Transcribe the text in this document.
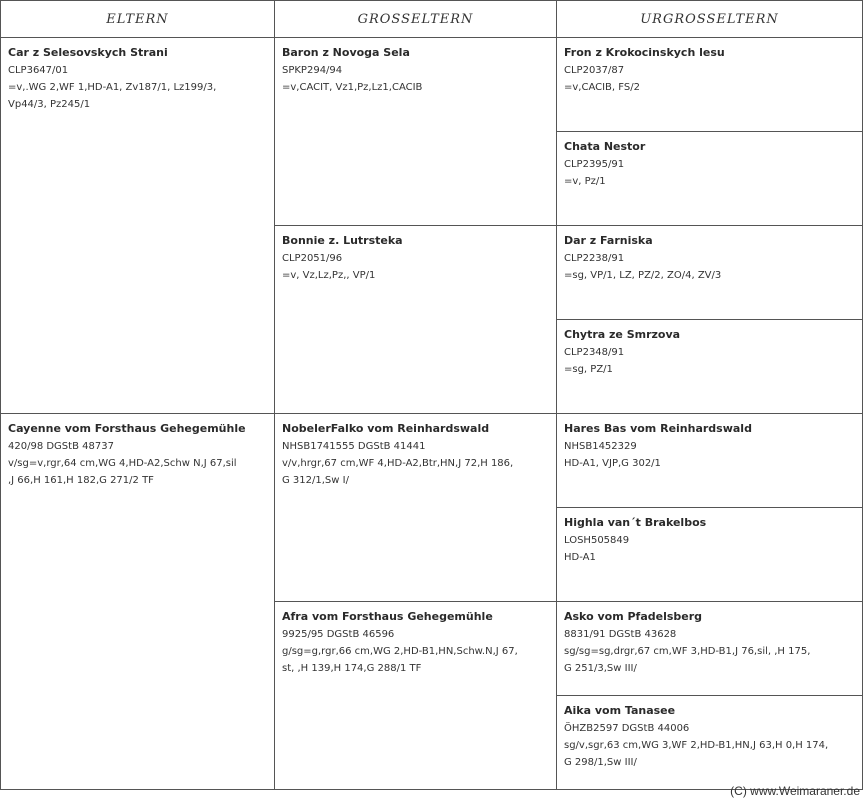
ELTERN	GROSSELTERN	URGROSSELTERN
Car z Selesovskych Strani
CLP3647/01
=v,.WG 2,WF 1,HD-A1, Zv187/1, Lz199/3,
Vp44/3, Pz245/1
Cayenne vom Forsthaus Gehegemühle
420/98 DGStB 48737
v/sg=v,rgr,64 cm,WG 4,HD-A2,Schw N,J 67,sil
,J 66,H 161,H 182,G 271/2 TF
Baron z Novoga Sela
SPKP294/94
=v,CACIT, Vz1,Pz,Lz1,CACIB
Bonnie z. Lutrsteka
CLP2051/96
=v, Vz,Lz,Pz,, VP/1
NobelerFalko vom Reinhardswald
NHSB1741555 DGStB 41441
v/v,hrgr,67 cm,WF 4,HD-A2,Btr,HN,J 72,H 186,
G 312/1,Sw I/
Afra vom Forsthaus Gehegemühle
9925/95 DGStB 46596
g/sg=g,rgr,66 cm,WG 2,HD-B1,HN,Schw.N,J 67,
st, ,H 139,H 174,G 288/1 TF
Fron z Krokocinskych lesu
CLP2037/87
=v,CACIB, FS/2
Chata Nestor
CLP2395/91
=v, Pz/1
Dar z Farniska
CLP2238/91
=sg, VP/1, LZ, PZ/2, ZO/4, ZV/3
Chytra ze Smrzova
CLP2348/91
=sg, PZ/1
Hares Bas vom Reinhardswald
NHSB1452329
HD-A1, VJP,G 302/1
Highla van´t Brakelbos
LOSH505849
HD-A1
Asko vom Pfadelsberg
8831/91 DGStB 43628
sg/sg=sg,drgr,67 cm,WF 3,HD-B1,J 76,sil, ,H 175,
G 251/3,Sw III/
Aika vom Tanasee
ÖHZB2597 DGStB 44006
sg/v,sgr,63 cm,WG 3,WF 2,HD-B1,HN,J 63,H 0,H 174,
G 298/1,Sw III/
(C) www.Weimaraner.de
